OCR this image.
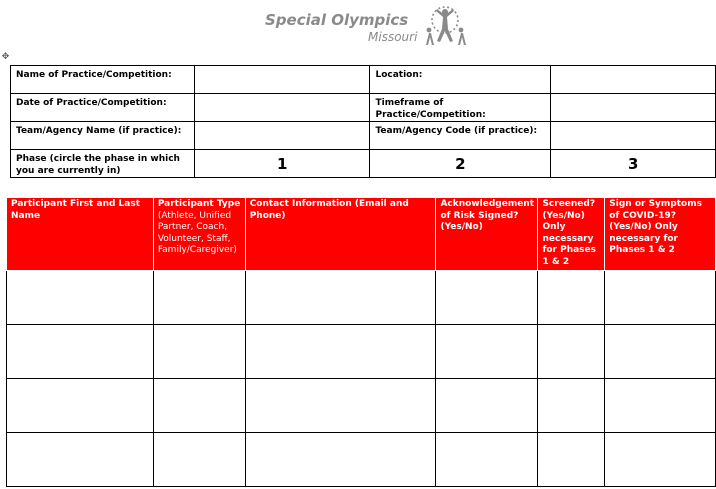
Special Olympics
Missouri
✥
Name of Practice/Competition:		Location:	
Date of Practice/Competition:		Timeframe of Practice/Competition:	
Team/Agency Name (if practice):		Team/Agency Code (if practice):	
Phase (circle the phase in which you are currently in)	1	2	3
Participant First and Last Name	Participant Type (Athlete, Unified Partner, Coach, Volunteer, Staff, Family/Caregiver)	Contact Information (Email and Phone)	Acknowledgement of Risk Signed? (Yes/No)	Screened? (Yes/No) Only necessary for Phases 1 & 2	Sign or Symptoms of COVID-19? (Yes/No) Only necessary for Phases 1 & 2
